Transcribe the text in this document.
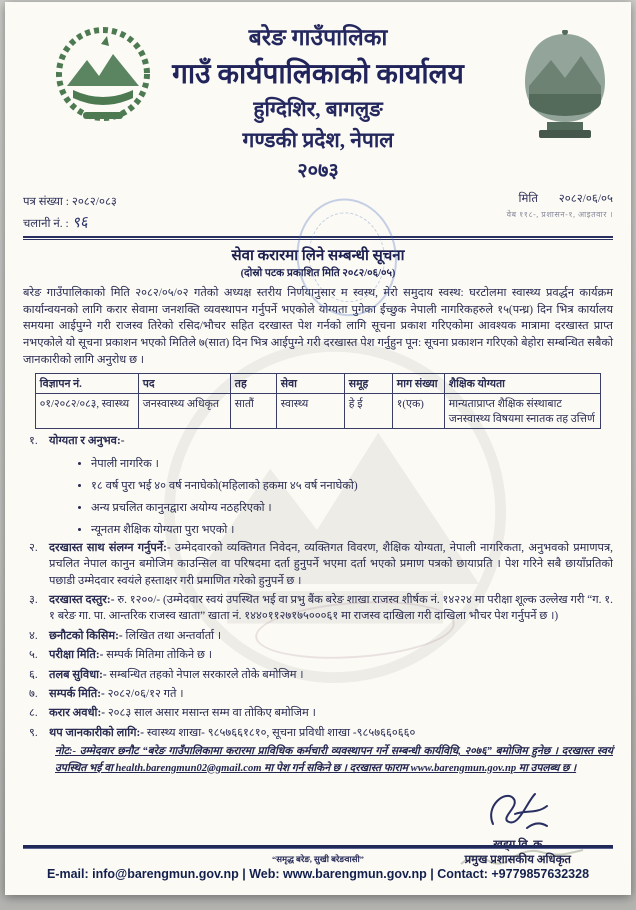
बरेङ गाउँपालिका
गाउँ कार्यपालिकाको कार्यालय
हुग्दिशिर, बागलुङ
गण्डकी प्रदेश, नेपाल
२०७३
पत्र संख्या : २०८२/०८३
चलानी नं. : ९६
मिति २०८२/०६/०५
वेब ११८-, प्रशासन-१, आइतवार ।
सेवा करारमा लिने सम्बन्धी सूचना
(दोस्रो पटक प्रकाशित मिति २०८२/०६/०५)

बरेङ गाउँपालिकाको मिति २०८२/०५/०२ गतेको अध्यक्ष स्तरीय निर्णयानुसार म स्वस्थ, मेरो समुदाय स्वस्थ: घरटोलमा स्वास्थ्य प्रवर्द्धन कार्यक्रम कार्यान्वयनको लागि करार सेवामा जनशक्ति व्यवस्थापन गर्नुपर्ने भएकोले योग्यता पुगेका ईच्छुक नेपाली नागरिकहरुले १५(पन्ध्र) दिन भित्र कार्यालय समयमा आईपुग्ने गरी राजस्व तिरेको रसिद/भौचर सहित दरखास्त पेश गर्नको लागि सूचना प्रकाश गरिएकोमा आवश्यक मात्रामा दरखास्त प्राप्त नभएकोले यो सूचना प्रकाशन भएको मितिले ७(सात) दिन भित्र आईपुग्ने गरी दरखास्त पेश गर्नुहुन पून: सूचना प्रकाशन गरिएको बेहोरा सम्बन्धित सबैको जानकारीको लागि अनुरोध छ ।

विज्ञापन नं.	पद	तह	सेवा	समूह	माग संख्या	शैक्षिक योग्यता
०१/२०८२/०८३, स्वास्थ्य	जनस्वास्थ्य अधिकृत	सातौं	स्वास्थ्य	हे ई	१(एक)	मान्यताप्राप्त शैक्षिक संस्थाबाट जनस्वास्थ्य विषयमा स्नातक तह उत्तिर्ण
१. योग्यता र अनुभव:-
• नेपाली नागरिक ।
• १८ वर्ष पुरा भई ४० वर्ष ननाघेको(महिलाको हकमा ४५ वर्ष ननाघेको)
• अन्य प्रचलित कानुनद्वारा अयोग्य नठहरिएको ।
• न्यूनतम शैक्षिक योग्यता पुरा भएको ।
२. दरखास्त साथ संलग्न गर्नुपर्ने:- उम्मेदवारको व्यक्तिगत निवेदन, व्यक्तिगत विवरण, शैक्षिक योग्यता, नेपाली नागरिकता, अनुभवको प्रमाणपत्र, प्रचलित नेपाल कानुन बमोजिम काउन्सिल वा परिषदमा दर्ता हुनुपर्ने भएमा दर्ता भएको प्रमाण पत्रको छायाप्रति । पेश गरिने सबै छायाँप्रतिको पछाडी उम्मेदवार स्वयंले हस्ताक्षर गरी प्रमाणित गरेको हुनुपर्ने छ ।
३. दरखास्त दस्तुर:- रु. १२००/- (उम्मेदवार स्वयं उपस्थित भई वा प्रभु बैंक बरेङ शाखा राजस्व शीर्षक नं. १४२२४ मा परीक्षा शूल्क उल्लेख गरी “ग. १. १ बरेङ गा. पा. आन्तरिक राजस्व खाता” खाता नं. १४४०११२७१७५०००६१ मा राजस्व दाखिला गरी दाखिला भौचर पेश गर्नुपर्ने छ ।)
४. छनौटको किसिम:- लिखित तथा अन्तर्वार्ता ।
५. परीक्षा मिति:- सम्पर्क मितिमा तोकिने छ ।
६. तलब सुविधा:- सम्बन्धित तहको नेपाल सरकारले तोके बमोजिम ।
७. सम्पर्क मिति:- २०८२/०६/१२ गते ।
८. करार अवधी:- २०८३ साल असार मसान्त सम्म वा तोकिए बमोजिम ।
९. थप जानकारीको लागि:- स्वास्थ्य शाखा- ९८५७६६१८१०, सूचना प्रविधी शाखा -९८५७६६०६६०
नोट:- उम्मेदवार छनौट “बरेङ गाउँपालिकामा करारमा प्राविधिक कर्मचारी व्यवस्थापन गर्ने सम्बन्धी कार्यविधि, २०७६” बमोजिम हुनेछ । दरखास्त स्वयं उपस्थित भई वा health.barengmun02@gmail.com मा पेश गर्न सकिने छ । दरखास्त फाराम www.barengmun.gov.np मा उपलब्ध छ ।
प्रमुख प्रशासकीय अधिकृत
“समृद्ध बरेङ, सुखी बरेङवासी”
E-mail: info@barengmun.gov.np | Web: www.barengmun.gov.np | Contact: +9779857632328
